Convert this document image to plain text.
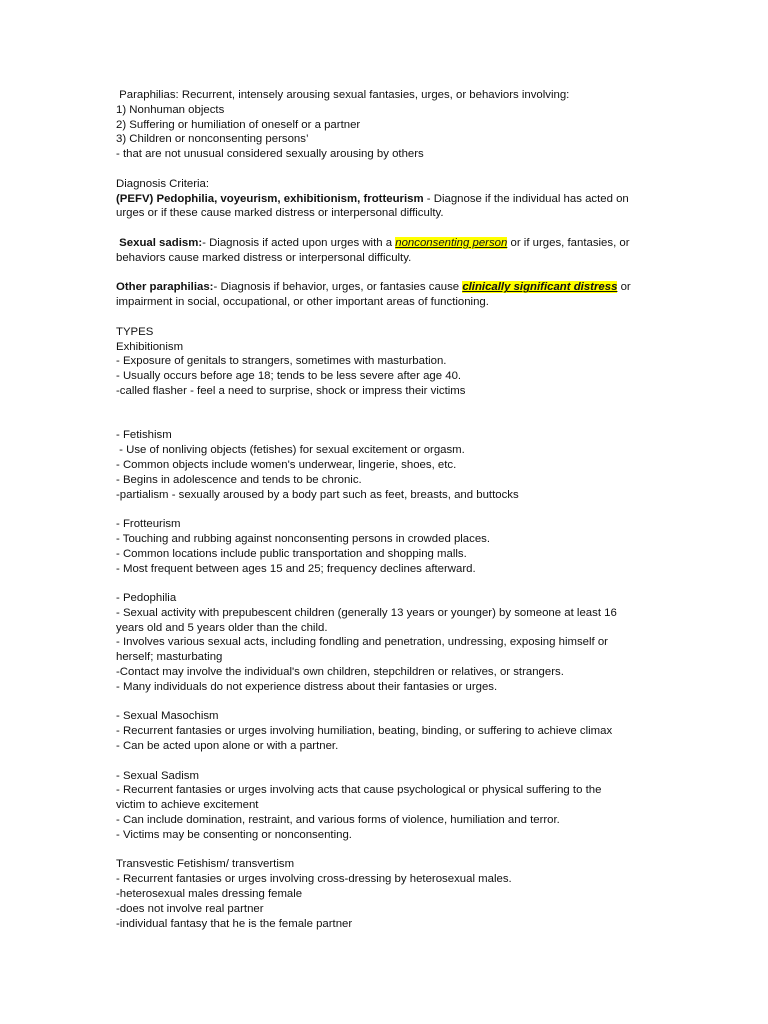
Paraphilias: Recurrent, intensely arousing sexual fantasies, urges, or behaviors involving:

1) Nonhuman objects

2) Suffering or humiliation of oneself or a partner

3) Children or nonconsenting persons’

- that are not unusual considered sexually arousing by others

Diagnosis Criteria:

(PEFV) Pedophilia, voyeurism, exhibitionism, frotteurism - Diagnose if the individual has acted on

urges or if these cause marked distress or interpersonal difficulty.

Sexual sadism:- Diagnosis if acted upon urges with a nonconsenting person or if urges, fantasies, or

behaviors cause marked distress or interpersonal difficulty.

Other paraphilias:- Diagnosis if behavior, urges, or fantasies cause clinically significant distress or

impairment in social, occupational, or other important areas of functioning.

TYPES

Exhibitionism

- Exposure of genitals to strangers, sometimes with masturbation.

- Usually occurs before age 18; tends to be less severe after age 40.

-called flasher - feel a need to surprise, shock or impress their victims

- Fetishism

- Use of nonliving objects (fetishes) for sexual excitement or orgasm.

- Common objects include women's underwear, lingerie, shoes, etc.

- Begins in adolescence and tends to be chronic.

-partialism - sexually aroused by a body part such as feet, breasts, and buttocks

- Frotteurism

- Touching and rubbing against nonconsenting persons in crowded places.

- Common locations include public transportation and shopping malls.

- Most frequent between ages 15 and 25; frequency declines afterward.

- Pedophilia

- Sexual activity with prepubescent children (generally 13 years or younger) by someone at least 16

years old and 5 years older than the child.

- Involves various sexual acts, including fondling and penetration, undressing, exposing himself or

herself; masturbating

-Contact may involve the individual's own children, stepchildren or relatives, or strangers.

- Many individuals do not experience distress about their fantasies or urges.

- Sexual Masochism

- Recurrent fantasies or urges involving humiliation, beating, binding, or suffering to achieve climax

- Can be acted upon alone or with a partner.

- Sexual Sadism

- Recurrent fantasies or urges involving acts that cause psychological or physical suffering to the

victim to achieve excitement

- Can include domination, restraint, and various forms of violence, humiliation and terror.

- Victims may be consenting or nonconsenting.

Transvestic Fetishism/ transvertism

- Recurrent fantasies or urges involving cross-dressing by heterosexual males.

-heterosexual males dressing female

-does not involve real partner

-individual fantasy that he is the female partner
